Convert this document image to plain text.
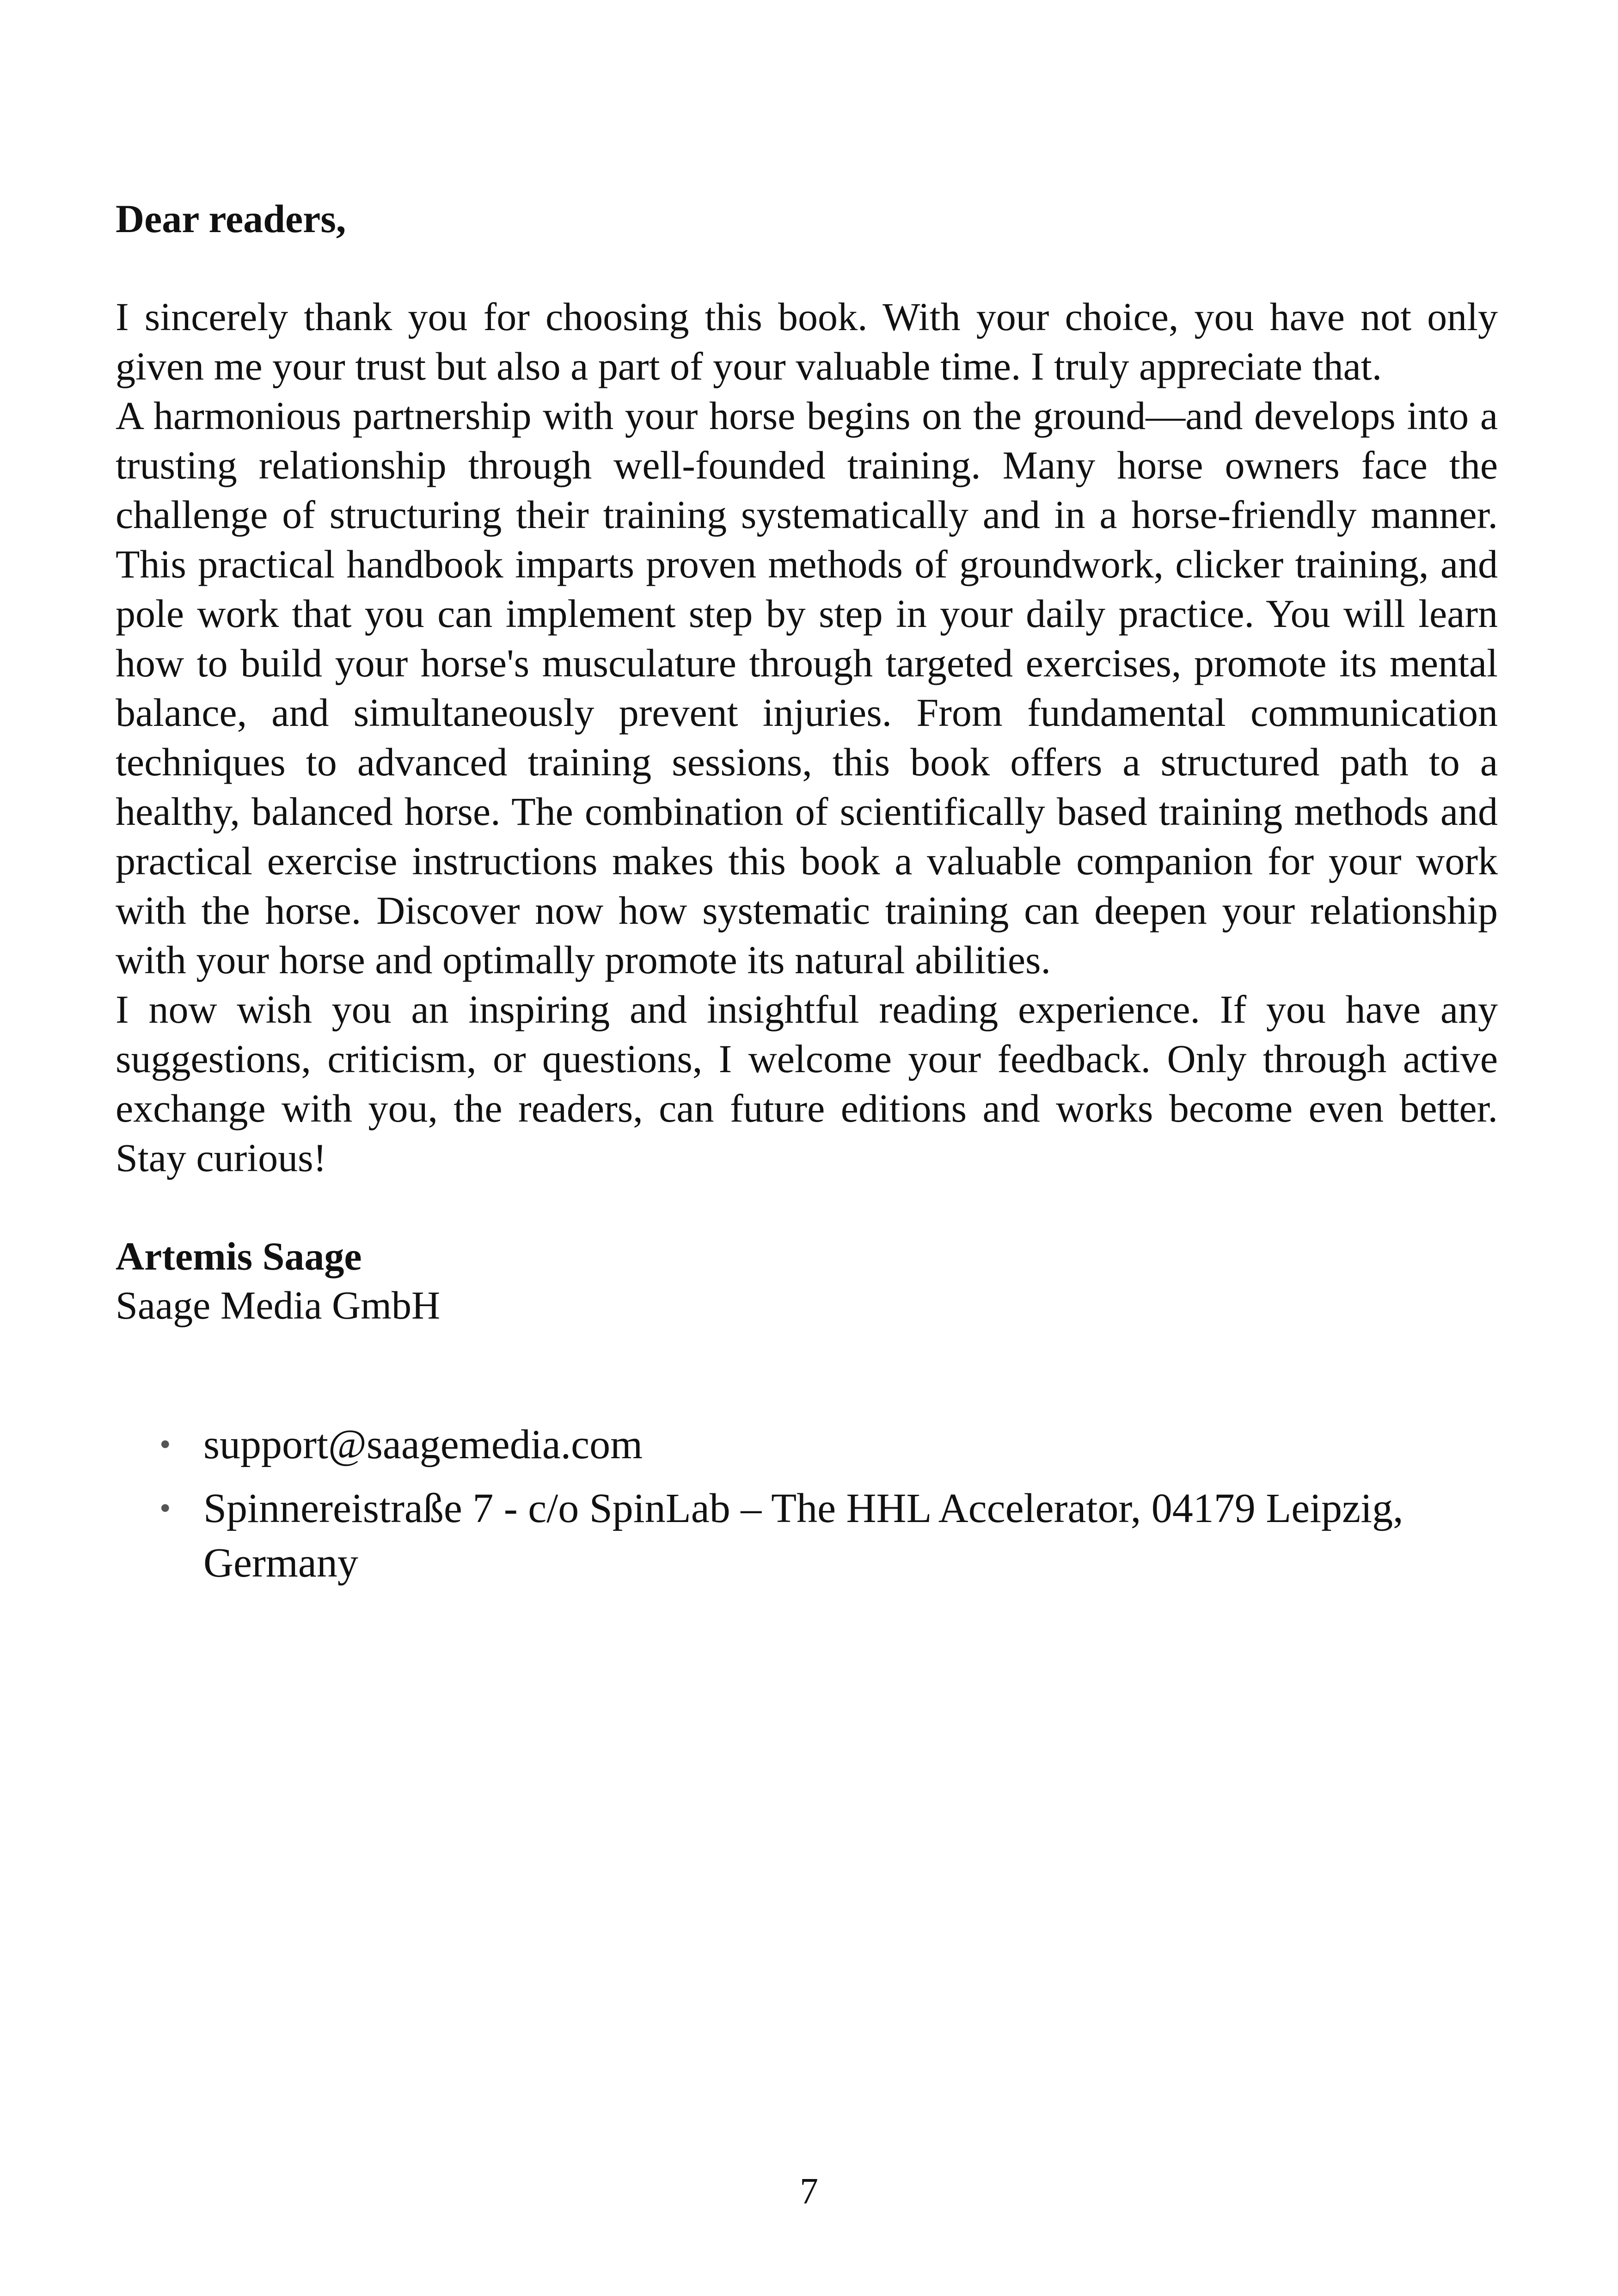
Dear readers,

I sincerely thank you for choosing this book. With your choice, you have not only given me your trust but also a part of your valuable time. I truly appreciate that.

A harmonious partnership with your horse begins on the ground—and develops into a trusting relationship through well-founded training. Many horse owners face the challenge of structuring their training systematically and in a horse-friendly manner. This practical handbook imparts proven methods of groundwork, clicker training, and pole work that you can implement step by step in your daily practice. You will learn how to build your horse's musculature through targeted exercises, promote its mental balance, and simultaneously prevent injuries. From fundamental communication techniques to advanced training sessions, this book offers a structured path to a healthy, balanced horse. The combination of scientifically based training methods and practical exercise instructions makes this book a valuable companion for your work with the horse. Discover now how systematic training can deepen your relationship with your horse and optimally promote its natural abilities.

I now wish you an inspiring and insightful reading experience. If you have any suggestions, criticism, or questions, I welcome your feedback. Only through active exchange with you, the readers, can future editions and works become even better. Stay curious!

Artemis Saage

Saage Media GmbH

• support@saagemedia.com
• Spinnereistraße 7 - c/o SpinLab – The HHL Accelerator, 04179 Leipzig, Germany
7
